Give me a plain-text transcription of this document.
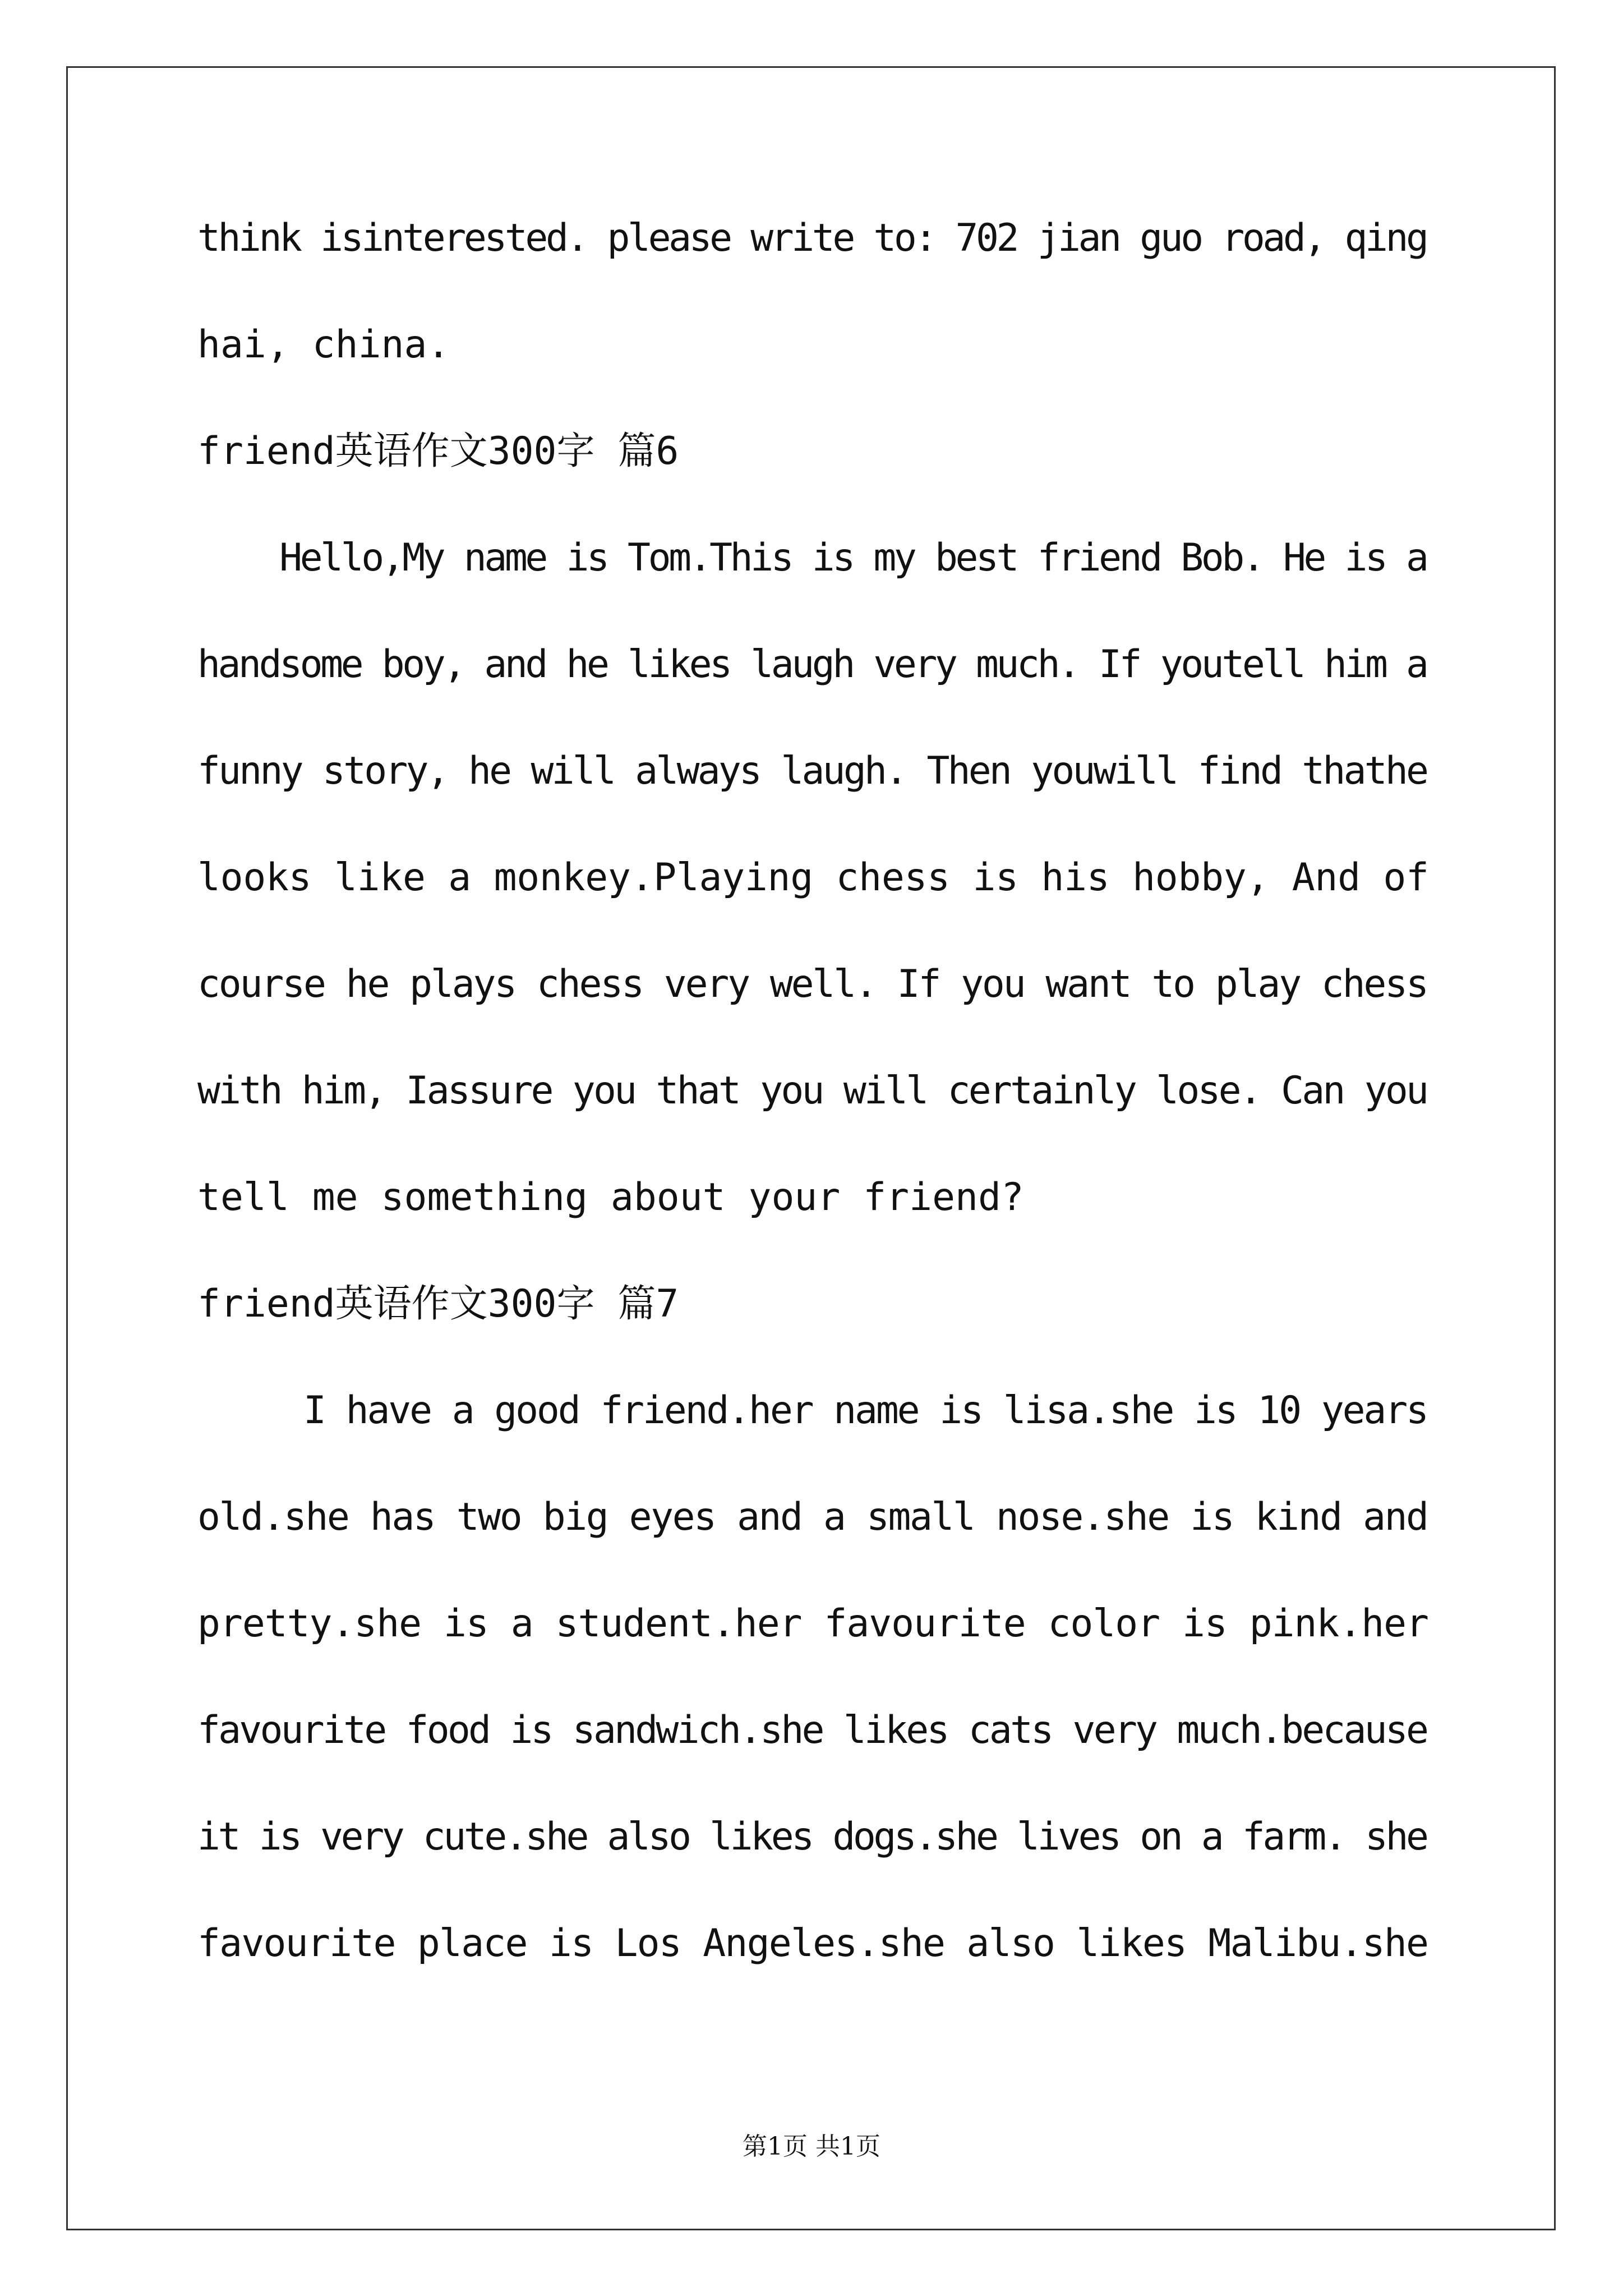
think isinterested. please write to: 702 jian guo road, qing
hai, china.
friend英语作文300字 篇6
Hello,My name is Tom.This is my best friend Bob. He is a
handsome boy, and he likes laugh very much. If youtell him a
funny story, he will always laugh. Then youwill find thathe
looks like a monkey.Playing chess is his hobby, And of
course he plays chess very well. If you want to play chess
with him, Iassure you that you will certainly lose. Can you
tell me something about your friend?
friend英语作文300字 篇7
I have a good friend.her name is lisa.she is 10 years
old.she has two big eyes and a small nose.she is kind and
pretty.she is a student.her favourite color is pink.her
favourite food is sandwich.she likes cats very much.because
it is very cute.she also likes dogs.she lives on a farm. she
favourite place is Los Angeles.she also likes Malibu.she
第1页 共1页
